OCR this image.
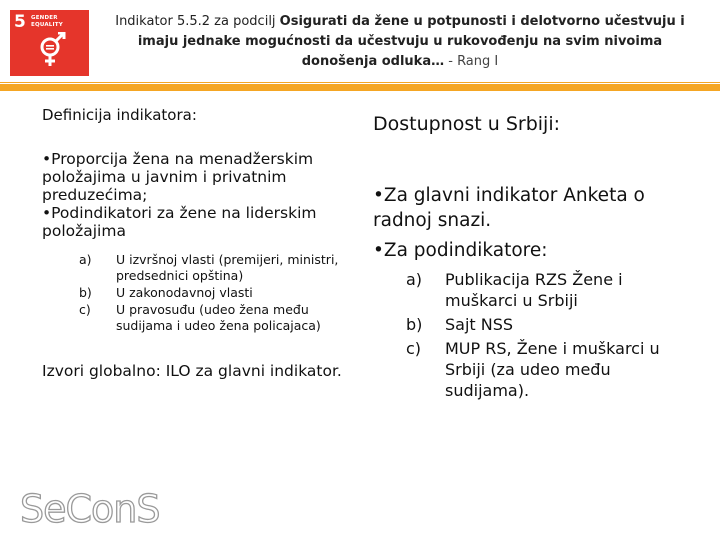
5 GENDER
EQUALITY	Indikator 5.5.2 za podcilj Osigurati da žene u potpunosti i delotvorno učestvuju i imaju jednake mogućnosti da učestvuju u rukovođenju na svim nivoima donošenja odluka… - Rang I

Definicija indikatora:

•Proporcija žena na menadžerskim položajima u javnim i privatnim preduzećima;

•Podindikatori za žene na liderskim položajima

a) U izvršnoj vlasti (premijeri, ministri, predsednici opština)
b) U zakonodavnoj vlasti
c) U pravosuđu (udeo žena među sudijama i udeo žena policajaca)

Izvori globalno: ILO za glavni indikator.

Dostupnost u Srbiji:

•Za glavni indikator Anketa o radnoj snazi.

•Za podindikatore:

a) Publikacija RZS Žene i muškarci u Srbiji
b) Sajt NSS
c) MUP RS, Žene i muškarci u Srbiji (za udeo među sudijama).
SeConS
